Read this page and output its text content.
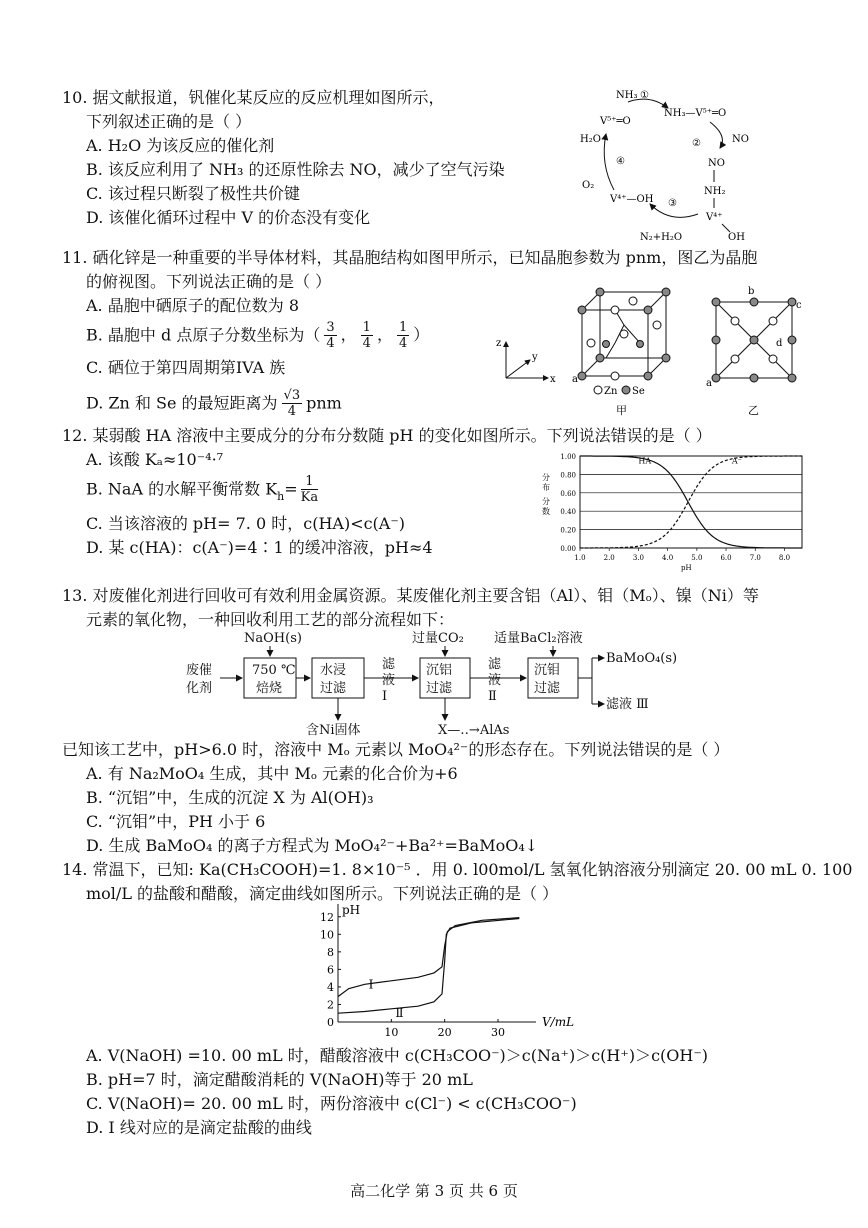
10. 据文献报道，钒催化某反应的反应机理如图所示，
下列叙述正确的是（ ）
A. H₂O 为该反应的催化剂
B. 该反应利用了 NH₃ 的还原性除去 NO，减少了空气污染
C. 该过程只断裂了极性共价键
D. 该催化循环过程中 V 的价态没有变化
NH₃ ①
NH₃—V⁵⁺═O
V⁵⁺═O
NO
②
NO
NH₂
V⁴⁺
OH
③
N₂+H₂O
V⁴⁺—OH
④
H₂O
O₂
11. 硒化锌是一种重要的半导体材料，其晶胞结构如图甲所示，已知晶胞参数为 pnm，图乙为晶胞
的俯视图。下列说法正确的是（ ）
A. 晶胞中硒原子的配位数为 8
B. 晶胞中 d 点原子分数坐标为（ $\frac{3}{4}$ ， $\frac{1}{4}$ ， $\frac{1}{4}$ ）
C. 硒位于第四周期第IVA 族
D. Zn 和 Se 的最短距离为 $\frac{√3}{4}$ pnm
z
y
x a
Zn Se
甲
b
c
d
a
乙
12. 某弱酸 HA 溶液中主要成分的分布分数随 pH 的变化如图所示。下列说法错误的是（ ）
A. 该酸 Kₐ≈10⁻⁴·⁷
B. NaA 的水解平衡常数 $K_h= \frac{1}{Ka}$
C. 当该溶液的 pH= 7. 0 时，c(HA)<c(A⁻)
D. 某 c(HA)：c(A⁻)=4∶1 的缓冲溶液，pH≈4	0.00
0.20
0.40
0.60
0.80
1.00
1.0	2.0	3.0	4.0	5.0	6.0	7.0	8.0
pH
分
布
分
数
HA	A⁻
13. 对废催化剂进行回收可有效利用金属资源。某废催化剂主要含铝（Al）、钼（Mₒ）、镍（Ni）等
元素的氧化物，一种回收利用工艺的部分流程如下：
NaOH(s)	过量CO₂ 适量BaCl₂溶液
废催
化剂
750 ℃
焙烧
水浸
过滤
滤
液
Ⅰ
沉铝
过滤
滤
液
Ⅱ
沉钼
过滤
BaMoO₄(s)
滤液 Ⅲ
含Ni固体	X—‥→AlAs
已知该工艺中，pH>6.0 时，溶液中 Mₒ 元素以 MoO₄²⁻的形态存在。下列说法错误的是（ ）
A. 有 Na₂MoO₄ 生成，其中 Mₒ 元素的化合价为+6
B. “沉铝”中，生成的沉淀 X 为 Al(OH)₃
C. “沉钼”中，PH 小于 6
D. 生成 BaMoO₄ 的离子方程式为 MoO₄²⁻+Ba²⁺=BaMoO₄↓
14. 常温下，已知: Ka(CH₃COOH)=1. 8×10⁻⁵ ．用 0. l00mol/L 氢氧化钠溶液分别滴定 20. 00 mL 0. 100
mol/L 的盐酸和醋酸，滴定曲线如图所示。下列说法正确的是（ ）
pH
V/mL
0
2
4
6
8
10
12
10	20	30
Ⅰ
Ⅱ
A. V(NaOH) =10. 00 mL 时，醋酸溶液中 c(CH₃COO⁻)＞c(Na⁺)＞c(H⁺)＞c(OH⁻)
B. pH=7 时，滴定醋酸消耗的 V(NaOH)等于 20 mL
C. V(NaOH)= 20. 00 mL 时，两份溶液中 c(Cl⁻) < c(CH₃COO⁻)
D. I 线对应的是滴定盐酸的曲线
高二化学 第 3 页 共 6 页
